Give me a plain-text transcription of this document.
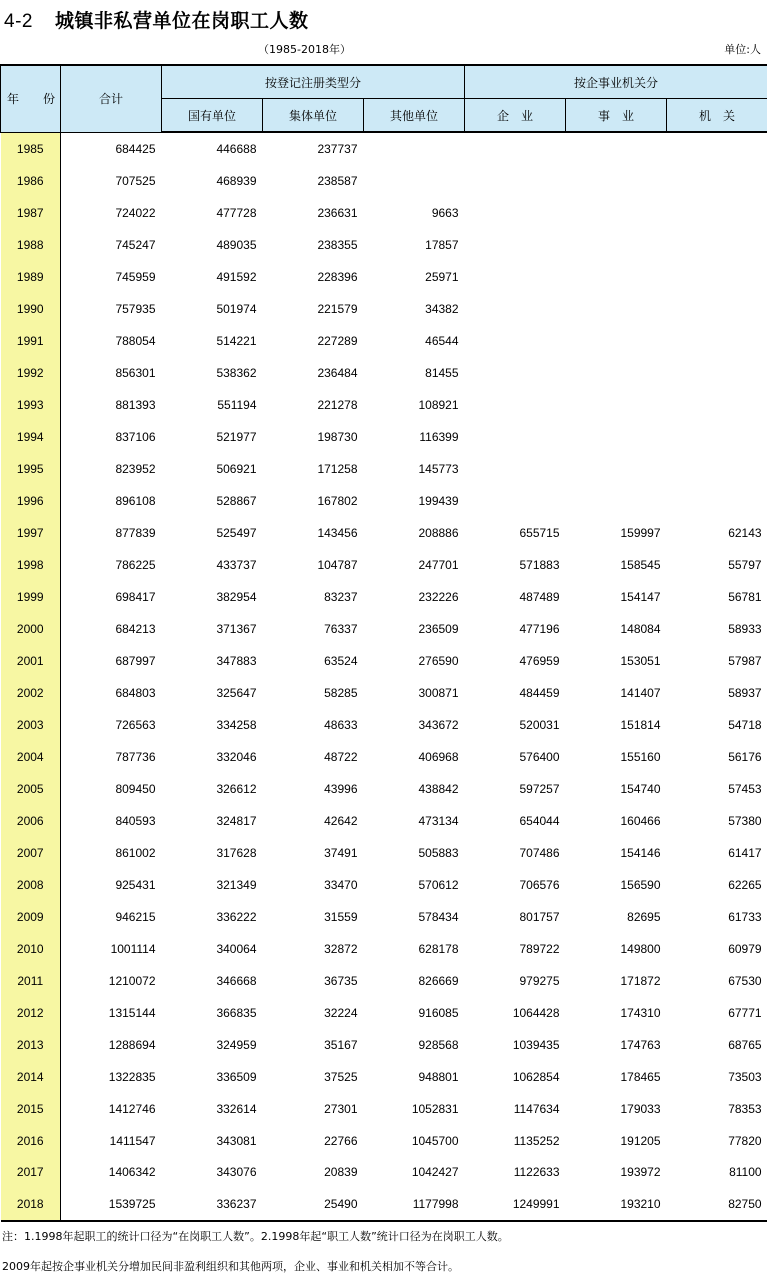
4-2 城镇非私营单位在岗职工人数
（1985-2018年）	单位:人
年　　份	合计	按登记注册类型分			按企事业机关分		
		国有单位	集体单位	其他单位	企　业	事　业	机　关
1985	684425	446688	237737				
1986	707525	468939	238587				
1987	724022	477728	236631	9663			
1988	745247	489035	238355	17857			
1989	745959	491592	228396	25971			
1990	757935	501974	221579	34382			
1991	788054	514221	227289	46544			
1992	856301	538362	236484	81455			
1993	881393	551194	221278	108921			
1994	837106	521977	198730	116399			
1995	823952	506921	171258	145773			
1996	896108	528867	167802	199439			
1997	877839	525497	143456	208886	655715	159997	62143
1998	786225	433737	104787	247701	571883	158545	55797
1999	698417	382954	83237	232226	487489	154147	56781
2000	684213	371367	76337	236509	477196	148084	58933
2001	687997	347883	63524	276590	476959	153051	57987
2002	684803	325647	58285	300871	484459	141407	58937
2003	726563	334258	48633	343672	520031	151814	54718
2004	787736	332046	48722	406968	576400	155160	56176
2005	809450	326612	43996	438842	597257	154740	57453
2006	840593	324817	42642	473134	654044	160466	57380
2007	861002	317628	37491	505883	707486	154146	61417
2008	925431	321349	33470	570612	706576	156590	62265
2009	946215	336222	31559	578434	801757	82695	61733
2010	1001114	340064	32872	628178	789722	149800	60979
2011	1210072	346668	36735	826669	979275	171872	67530
2012	1315144	366835	32224	916085	1064428	174310	67771
2013	1288694	324959	35167	928568	1039435	174763	68765
2014	1322835	336509	37525	948801	1062854	178465	73503
2015	1412746	332614	27301	1052831	1147634	179033	78353
2016	1411547	343081	22766	1045700	1135252	191205	77820
2017	1406342	343076	20839	1042427	1122633	193972	81100
2018	1539725	336237	25490	1177998	1249991	193210	82750
注：1.1998年起职工的统计口径为“在岗职工人数”。2.1998年起“职工人数”统计口径为在岗职工人数。
2009年起按企事业机关分增加民间非盈利组织和其他两项，企业、事业和机关相加不等合计。
